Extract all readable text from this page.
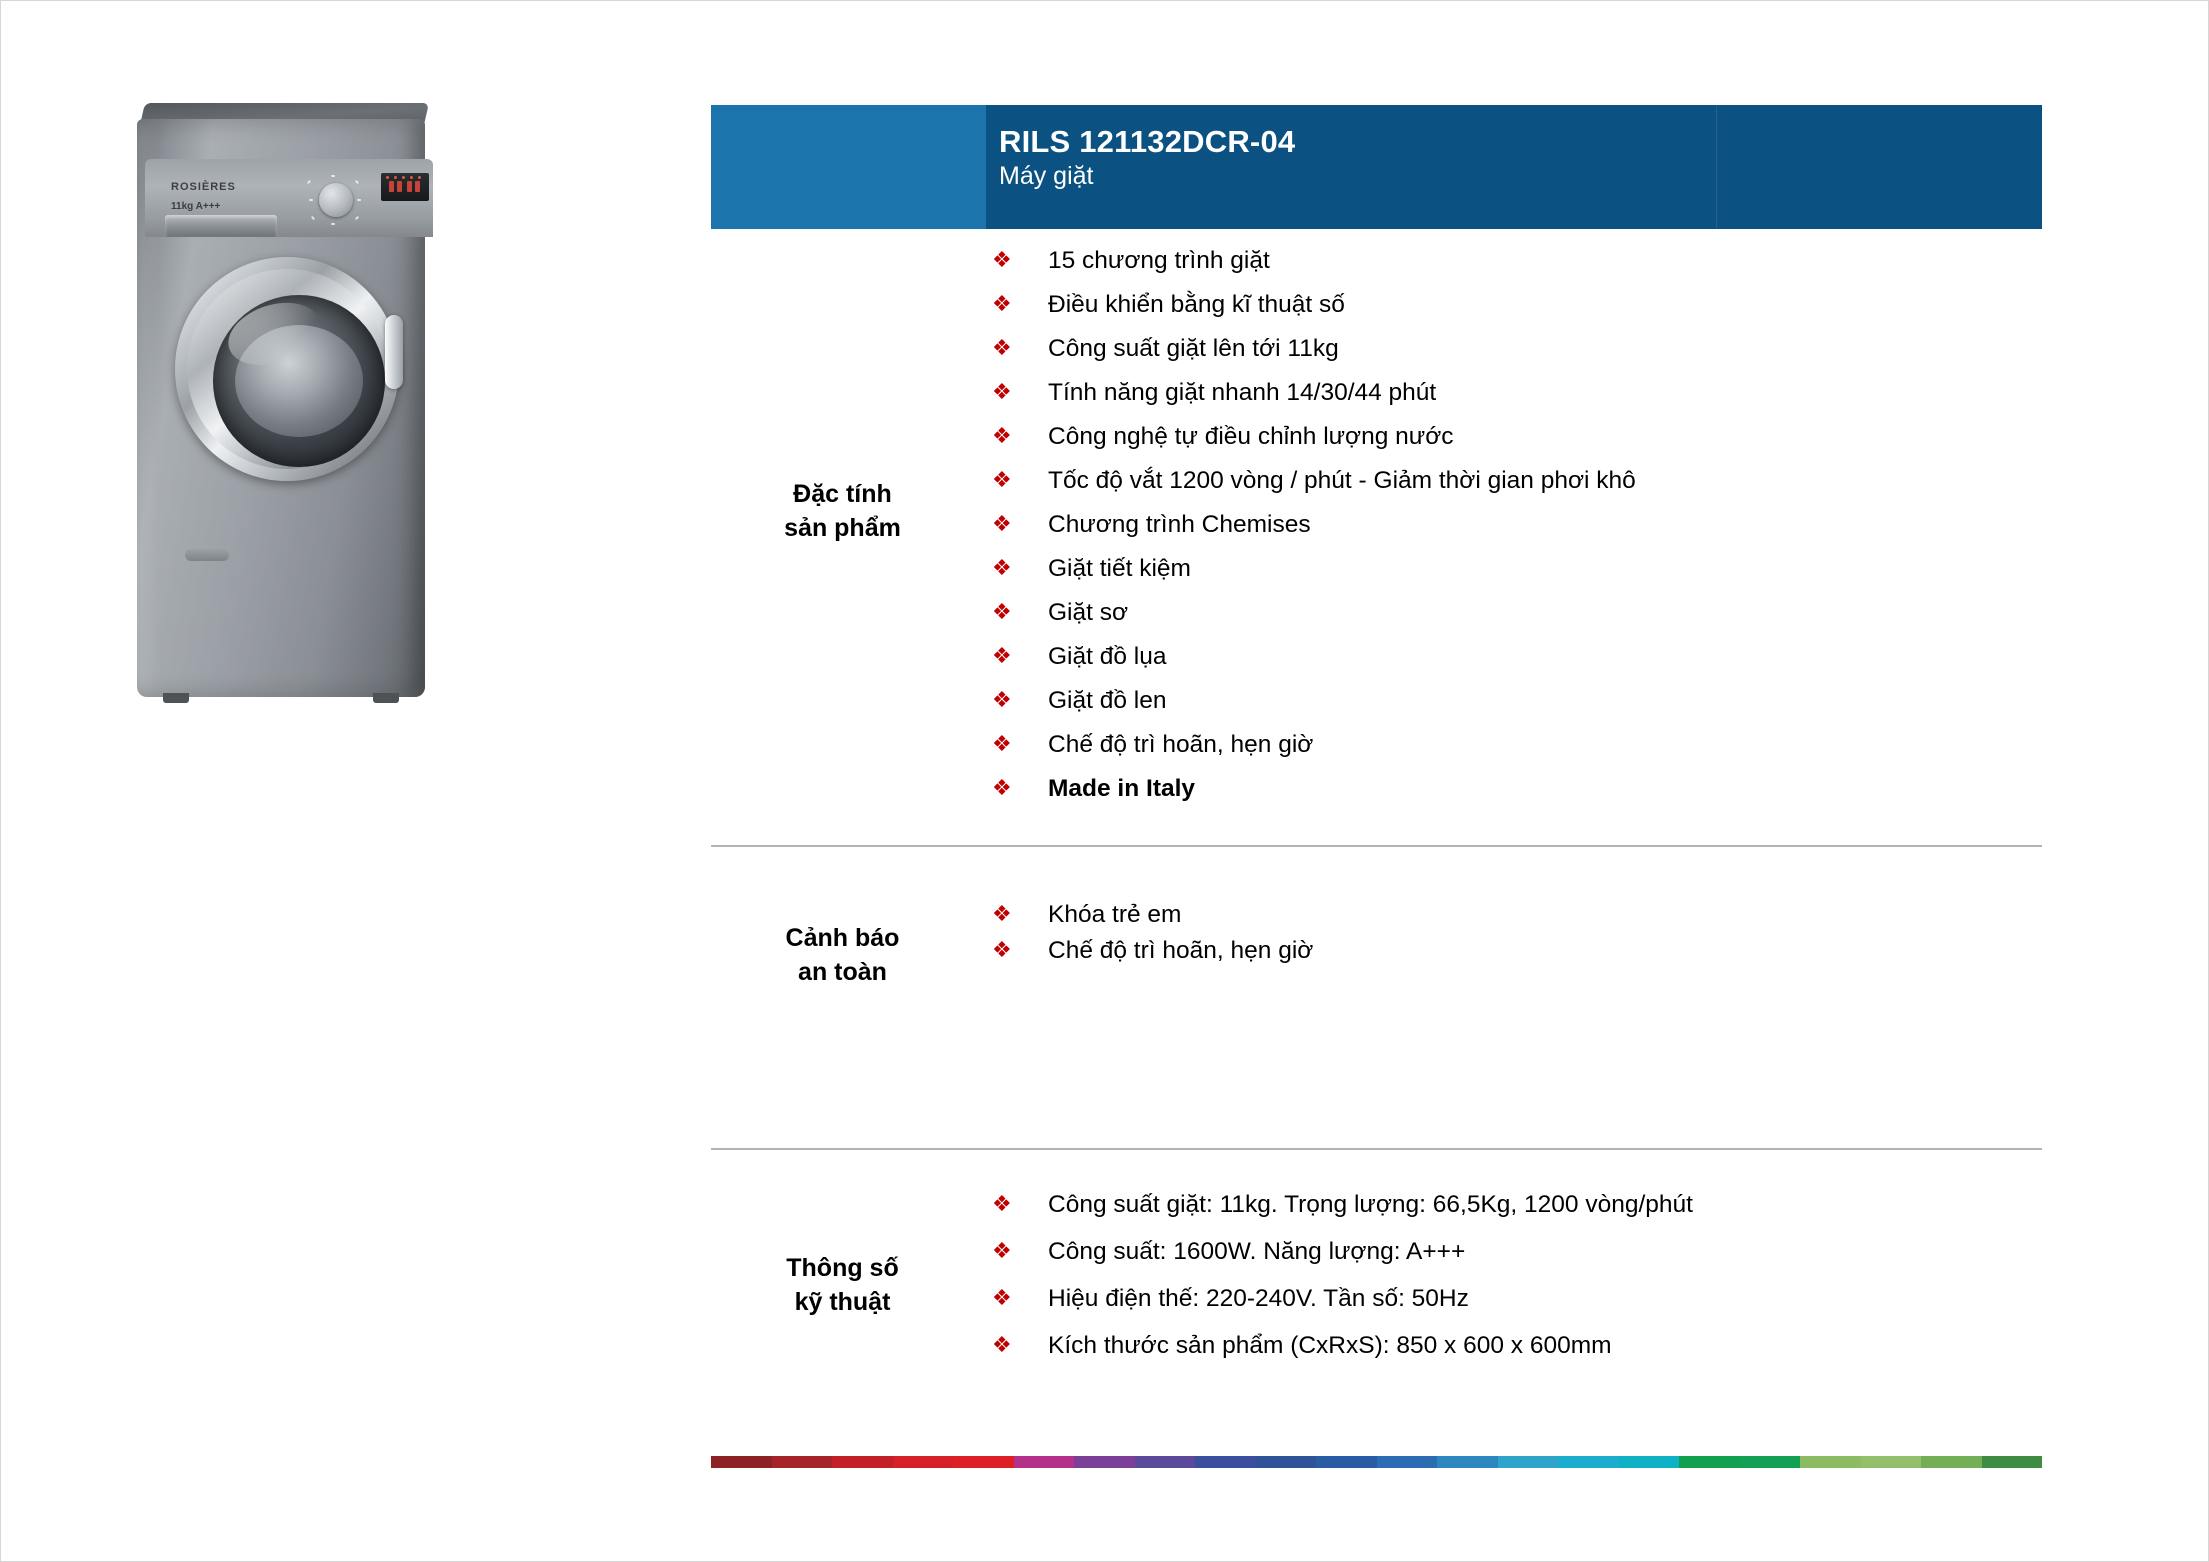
ROSIÈRES
11kg A+++
RILS 121132DCR-04
Máy giặt
Đặc tính
sản phẩm
❖	15 chương trình giặt
❖	Điều khiển bằng kĩ thuật số
❖	Công suất giặt lên tới 11kg
❖	Tính năng giặt nhanh 14/30/44 phút
❖	Công nghệ tự điều chỉnh lượng nước
❖	Tốc độ vắt 1200 vòng / phút - Giảm thời gian phơi khô
❖	Chương trình Chemises
❖	Giặt tiết kiệm
❖	Giặt sơ
❖	Giặt đồ lụa
❖	Giặt đồ len
❖	Chế độ trì hoãn, hẹn giờ
❖	Made in Italy
Cảnh báo
an toàn
❖	Khóa trẻ em
❖	Chế độ trì hoãn, hẹn giờ
Thông số
kỹ thuật
❖	Công suất giặt: 11kg. Trọng lượng: 66,5Kg, 1200 vòng/phút
❖	Công suất: 1600W. Năng lượng: A+++
❖	Hiệu điện thế: 220-240V. Tần số: 50Hz
❖	Kích thước sản phẩm (CxRxS): 850 x 600 x 600mm
